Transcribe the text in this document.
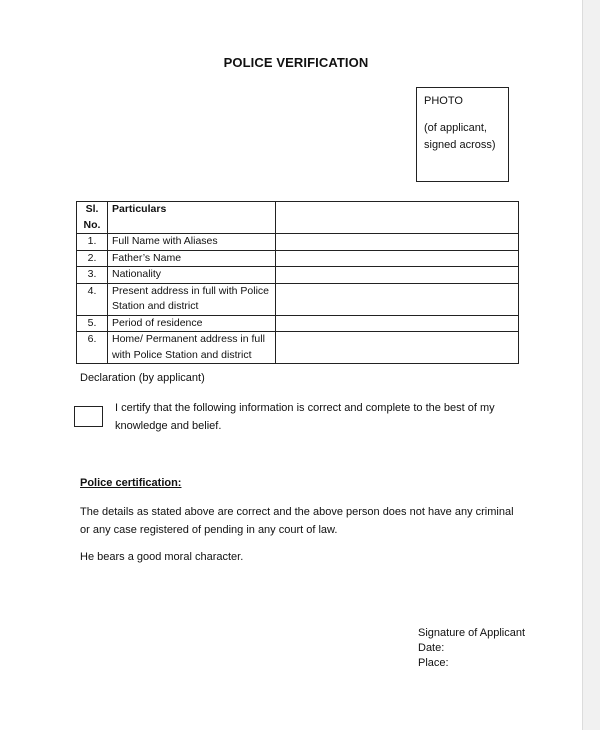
POLICE VERIFICATION
PHOTO
(of applicant, signed across)
Sl. No.	Particulars	
1.	Full Name with Aliases	
2.	Father’s Name	
3.	Nationality	
4.	Present address in full with Police Station and district	
5.	Period of residence	
6.	Home/ Permanent address in full with Police Station and district	
Declaration (by applicant)
I certify that the following information is correct and complete to the best of my knowledge and belief.
Police certification:
The details as stated above are correct and the above person does not have any criminal or any case registered of pending in any court of law.
He bears a good moral character.
Signature of Applicant
Date:
Place:
